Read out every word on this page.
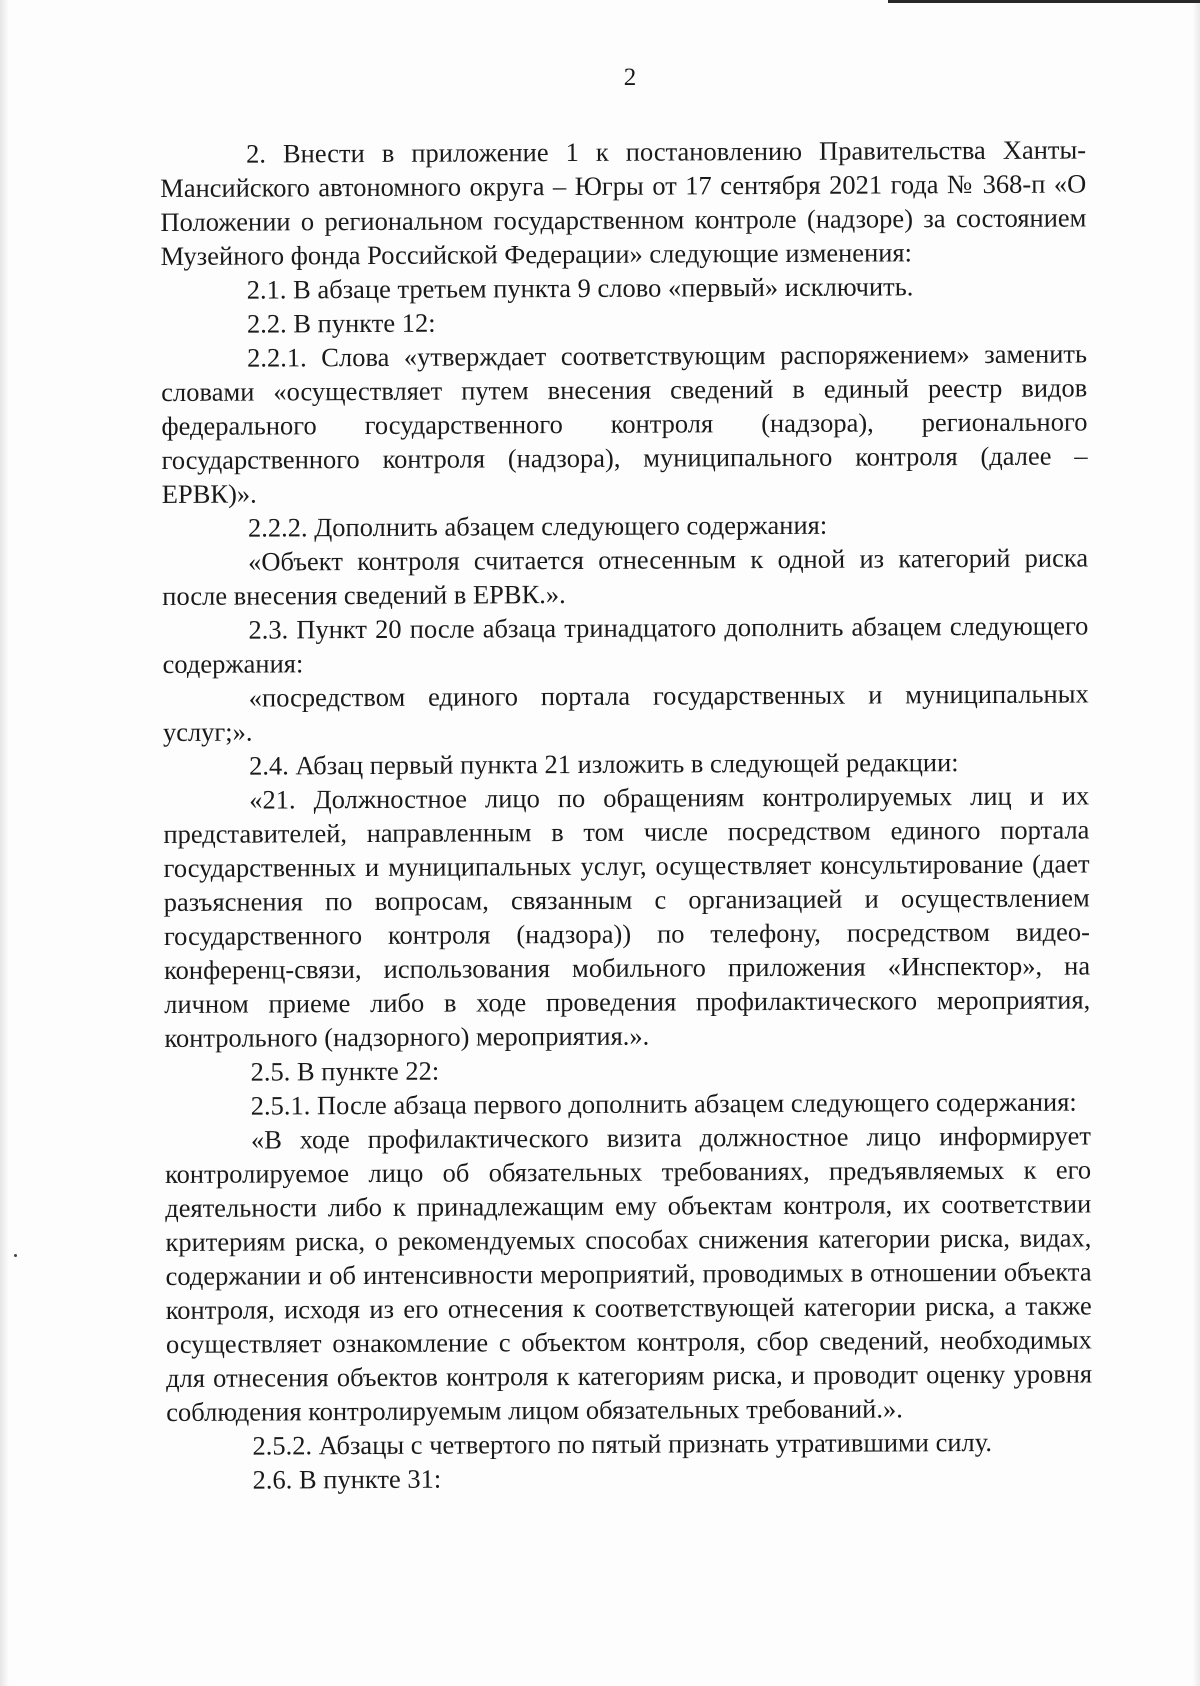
2

2. Внести в приложение 1 к постановлению Правительства Ханты-Мансийского автономного округа – Югры от 17 сентября 2021 года № 368-п «О Положении о региональном государственном контроле (надзоре) за состоянием Музейного фонда Российской Федерации» следующие изменения:

2.1. В абзаце третьем пункта 9 слово «первый» исключить.

2.2. В пункте 12:

2.2.1. Слова «утверждает соответствующим распоряжением» заменить словами «осуществляет путем внесения сведений в единый реестр видов федерального государственного контроля (надзора), регионального государственного контроля (надзора), муниципального контроля (далее – ЕРВК)».

2.2.2. Дополнить абзацем следующего содержания:

«Объект контроля считается отнесенным к одной из категорий риска после внесения сведений в ЕРВК.».

2.3. Пункт 20 после абзаца тринадцатого дополнить абзацем следующего содержания:

«посредством единого портала государственных и муниципальных услуг;».

2.4. Абзац первый пункта 21 изложить в следующей редакции:

«21. Должностное лицо по обращениям контролируемых лиц и их представителей, направленным в том числе посредством единого портала государственных и муниципальных услуг, осуществляет консультирование (дает разъяснения по вопросам, связанным с организацией и осуществлением государственного контроля (надзора)) по телефону, посредством видео-конференц-связи, использования мобильного приложения «Инспектор», на личном приеме либо в ходе проведения профилактического мероприятия, контрольного (надзорного) мероприятия.».

2.5. В пункте 22:

2.5.1. После абзаца первого дополнить абзацем следующего содержания:

«В ходе профилактического визита должностное лицо информирует контролируемое лицо об обязательных требованиях, предъявляемых к его деятельности либо к принадлежащим ему объектам контроля, их соответствии критериям риска, о рекомендуемых способах снижения категории риска, видах, содержании и об интенсивности мероприятий, проводимых в отношении объекта контроля, исходя из его отнесения к соответствующей категории риска, а также осуществляет ознакомление с объектом контроля, сбор сведений, необходимых для отнесения объектов контроля к категориям риска, и проводит оценку уровня соблюдения контролируемым лицом обязательных требований.».

2.5.2. Абзацы с четвертого по пятый признать утратившими силу.

2.6. В пункте 31:
